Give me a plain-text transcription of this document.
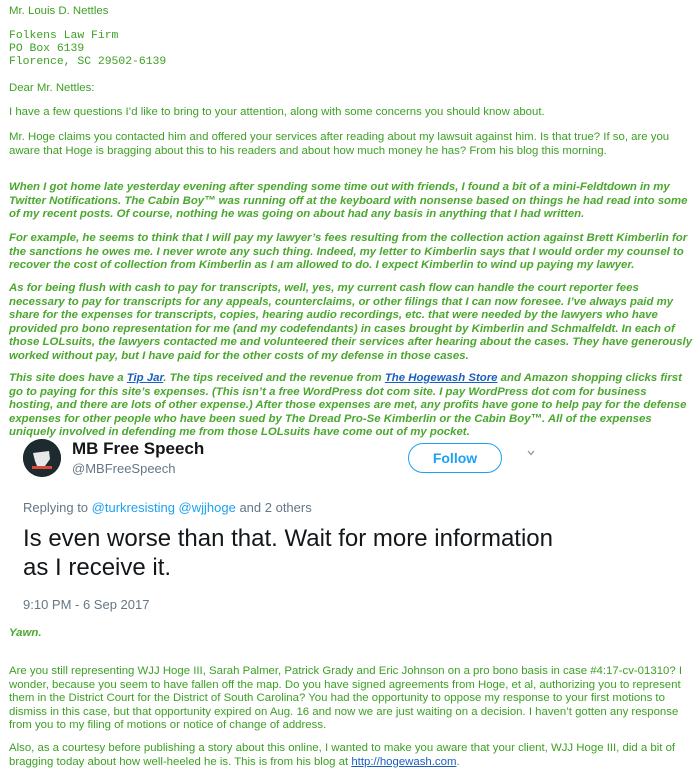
Mr. Louis D. Nettles

Folkens Law Firm
PO Box 6139
Florence, SC 29502-6139

Dear Mr. Nettles:

I have a few questions I’d like to bring to your attention, along with some concerns you should know about.

Mr. Hoge claims you contacted him and offered your services after reading about my lawsuit against him. Is that true? If so, are you aware that Hoge is bragging about this to his readers and about how much money he has? From his blog this morning.

When I got home late yesterday evening after spending some time out with friends, I found a bit of a mini-Feldtdown in my Twitter Notifications. The Cabin Boy™ was running off at the keyboard with nonsense based on things he had read into some of my recent posts. Of course, nothing he was going on about had any basis in anything that I had written.

For example, he seems to think that I will pay my lawyer’s fees resulting from the collection action against Brett Kimberlin for the sanctions he owes me. I never wrote any such thing. Indeed, my letter to Kimberlin says that I would order my counsel to recover the cost of collection from Kimberlin as I am allowed to do. I expect Kimberlin to wind up paying my lawyer.

As for being flush with cash to pay for transcripts, well, yes, my current cash flow can handle the court reporter fees necessary to pay for transcripts for any appeals, counterclaims, or other filings that I can now foresee. I’ve always paid my share for the expenses for transcripts, copies, hearing audio recordings, etc. that were needed by the lawyers who have provided pro bono representation for me (and my codefendants) in cases brought by Kimberlin and Schmalfeldt. In each of those LOLsuits, the lawyers contacted me and volunteered their services after hearing about the cases. They have generously worked without pay, but I have paid for the other costs of my defense in those cases.

This site does have a Tip Jar. The tips received and the revenue from The Hogewash Store and Amazon shopping clicks first go to paying for this site’s expenses. (This isn’t a free WordPress dot com site. I pay WordPress dot com for business hosting, and there are lots of other expense.) After those expenses are met, any profits have gone to help pay for the defense expenses for other people who have been sued by The Dread Pro-Se Kimberlin or the Cabin Boy™. All of the expenses uniquely involved in defending me from those LOLsuits have come out of my pocket.

MB Free Speech
@MBFreeSpeech
Follow
Replying to @turkresisting @wjjhoge and 2 others
Is even worse than that. Wait for more information as I receive it.
9:10 PM - 6 Sep 2017

Yawn.

Are you still representing WJJ Hoge III, Sarah Palmer, Patrick Grady and Eric Johnson on a pro bono basis in case #4:17-cv-01310? I wonder, because you seem to have fallen off the map. Do you have signed agreements from Hoge, et al, authorizing you to represent them in the District Court for the District of South Carolina? You had the opportunity to oppose my response to your first motions to dismiss in this case, but that opportunity expired on Aug. 16 and now we are just waiting on a decision. I haven’t gotten any response from you to my filing of motions or notice of change of address.

Also, as a courtesy before publishing a story about this online, I wanted to make you aware that your client, WJJ Hoge III, did a bit of bragging today about how well-heeled he is. This is from his blog at http://hogewash.com.
